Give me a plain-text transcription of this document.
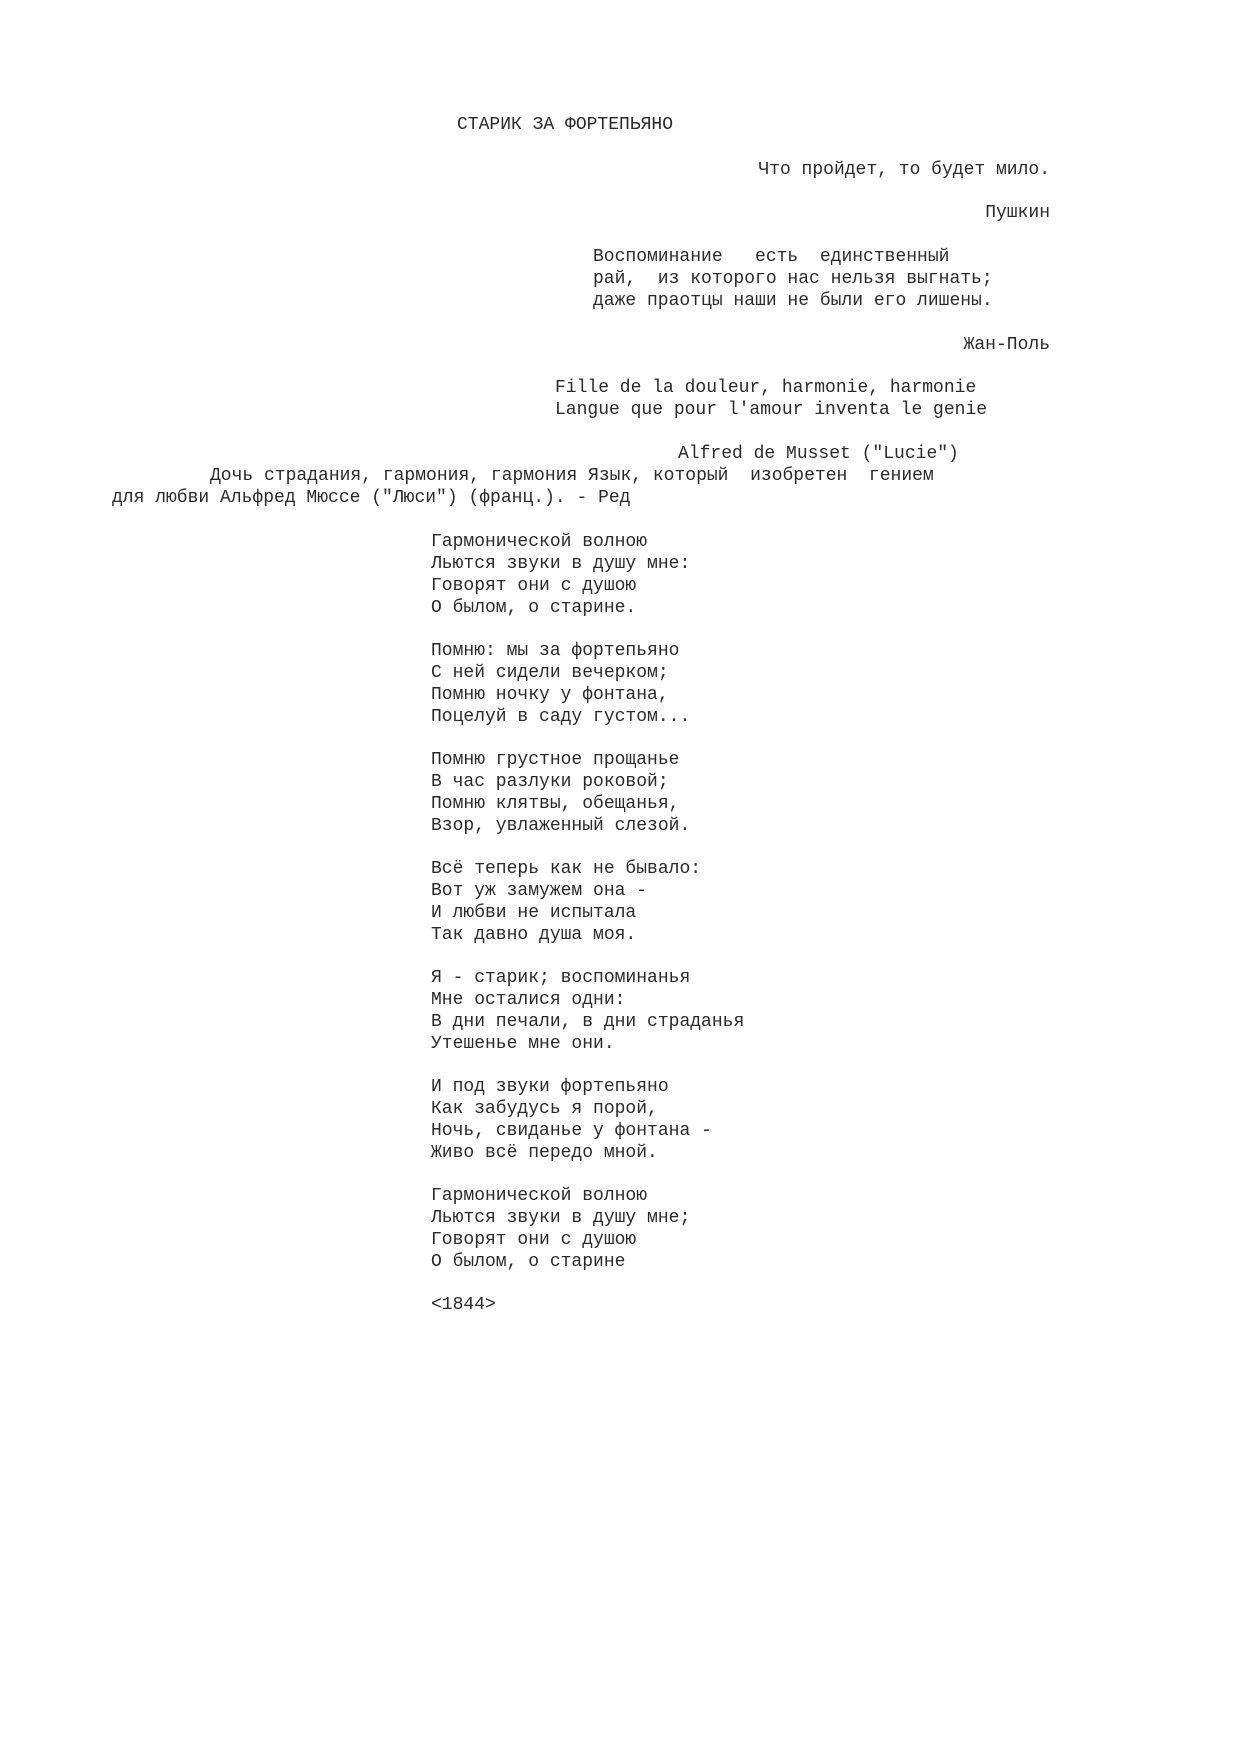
СТАРИК ЗА ФОРТЕПЬЯНО
Что пройдет, то будет мило.
Пушкин
Воспоминание   есть  единственный
рай,  из которого нас нельзя выгнать;
даже праотцы наши не были его лишены.
Жан-Поль
Fille de la douleur, harmonie, harmonie
Langue que pour l'amour inventa le genie
Alfred de Musset ("Lucie")
Дочь страдания, гармония, гармония Язык, который  изобретен  гением
для любви Альфред Мюссе ("Люси") (франц.). - Ред
Гармонической волною
Льются звуки в душу мне:
Говорят они с душою
О былом, о старине.
Помню: мы за фортепьяно
С ней сидели вечерком;
Помню ночку у фонтана,
Поцелуй в саду густом...
Помню грустное прощанье
В час разлуки роковой;
Помню клятвы, обещанья,
Взор, увлаженный слезой.
Всё теперь как не бывало:
Вот уж замужем она -
И любви не испытала
Так давно душа моя.
Я - старик; воспоминанья
Мне осталися одни:
В дни печали, в дни страданья
Утешенье мне они.
И под звуки фортепьяно
Как забудусь я порой,
Ночь, свиданье у фонтана -
Живо всё передо мной.
Гармонической волною
Льются звуки в душу мне;
Говорят они с душою
О былом, о старине
<1844>
